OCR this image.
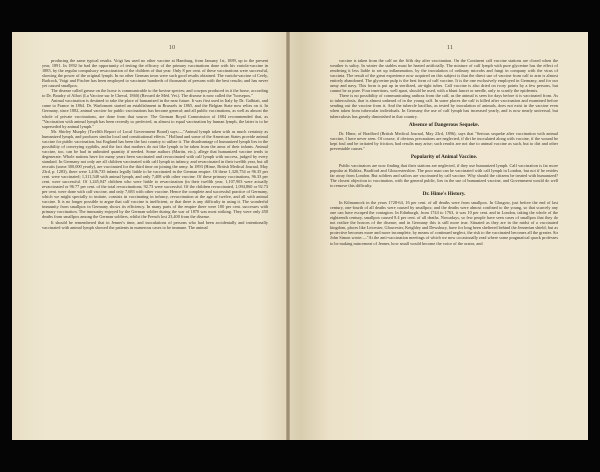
10

producing the same typical results. Voigt has used no other vaccine at Hamburg, from January 1st, 1889, up to the present year, 1891. In 1892 he had the opportunity of testing the efficacy of the primary vaccinations done with his variola-vaccine in 1885, by the regular compulsory revaccination of the children of that year. Only 8 per cent. of these vaccinations were successful, showing the power of the original lymph. In no other German town were such good results obtained. The variola-vaccine of Ceely, Badcock, Voigt and Fischer has been employed to vaccinate hundreds of thousands of persons with the best results; and has never yet caused smallpox.

The disease called grease on the horse is communicable to the bovine species; and cowpox produced in it the horse, according to Dr. Boudry of Alfort (La Vaccine sur le Cheval, 1860) (Recueil de Méd. Vet.). The disease is now called the "horsepox."

Animal vaccination is destined to take the place of humanized in the near future. It was first used in Italy by Dr. Galbiati, and came to France in 1864. Dr. Warlomont started an establishment in Brussels in 1865, and the Belgian State now relies on it. In Germany, since 1882, animal vaccine for public vaccinations has become general; and all public vaccinations, as well as almost the whole of private vaccinations, are done from that source. The German Royal Commission of 1884 recommended that, as "Vaccination with animal lymph has been recently so perfected, as almost to equal vaccination by human lymph, the latter is to be superseded by animal lymph."

Mr. Shirley Murphy (Twelfth Report of Local Government Board) says:—"Animal lymph taken with as much certainty as humanized lymph, and produces similar local and constitutional effects." Holland and some of the American States provide animal vaccine for public vaccination, but England has been the last country to utilize it. The disadvantage of humanized lymph lies in the possibility of conveying syphilis, and the fact that mothers do not like lymph to be taken from the arms of their infants. Animal vaccine, too, can be had in unlimited quantity if needed. Some authors (Martin, etc.), allege that humanized vaccine tends to degenerate. Whole nations have for many years been vaccinated and revaccinated with calf lymph with success, judged by every standard. In Germany not only are all children vaccinated with calf lymph in infancy, and revaccinated in their twelfth year, but all recruits (some 300,000 yearly), are vaccinated for the third time on joining the army. In 1893 (Hime, British Medical Journal, May 23rd, p. 1283), there were 1,436,735 infants legally liable to be vaccinated in the German empire. Of these 1,320,754 or 96.35 per cent. were vaccinated; 1,311,548 with animal lymph, and only 7,408 with other vaccine. Of these primary vaccinations, 96.33 per cent. were successful. Of 1,245,047 children who were liable to revaccination (in their twelfth year, 1,107,903 were actually revaccinated or 96.77 per cent. of the total revaccinations; 92.73 were successful. Of the children revaccinated, 1,094,860 or 92.73 per cent. were done with calf vaccine, and only 7,683 with other vaccine. Hence the complete and successful practice of Germany, which we might specially to imitate, consists in vaccinating in infancy, revaccination at the age of twelve, and all with animal vaccine. It is no longer possible to argue that calf vaccine is inefficient, or that there is any difficulty in using it. The wonderful immunity from smallpox in Germany shows its efficiency. In many parts of the empire there were 100 per cent. successes with primary vaccination. The immunity enjoyed by the German soldier during the war of 1870 was most striking. They were only 450 deaths from smallpox among the German soldiers, whilst the French lost 23,400 from the disease.

It should be remembered that in Jenner's time, and inoculations of persons who had been accidentally and intentionally vaccinated with animal lymph showed the patients in numerous cases to be immune. The animal

11

vaccine is taken from the calf on the fifth day after vaccination. On the Continent calf vaccine stations are closed when the weather is sultry. In winter the stables must be heated artificially. The mixture of calf lymph with pure glycerine has the effect of rendering it less liable to set up inflammation, by the inoculation of ordinary microbs and fungi in company with the virus of vaccinia. The result of the great experience now acquired on this subject is that the direct use of vaccine from calf to arm is almost entirely abandoned. The glycerine pulp is the best form of calf vaccine. It is the one exclusively employed in Germany, and for our army and navy. This form is put up in sterilized, air-tight tubes. Calf vaccine is also dried on ivory points by a few persons, but cannot be as pure. Four insertions, well apart, should be used, with a blunt lancet or needle, only to scarify the epidermis.

There is no possibility of communicating anthrax from the calf, as the animal is seen for days before it is vaccinated from. As to tuberculosis, that is almost unheard of in the young calf. In some places the calf is killed after vaccination and examined before sending out the vaccine from it. And the tubercle bacillus, as tested by inoculation of animals, does not exist in the vaccine even when taken from tubercular individuals. In Germany the use of calf lymph has increased yearly, and is now nearly universal, but tuberculosis has greatly diminished in that country.

Absence of Dangerous Sequelæ.

Dr. Hime, of Bradford (British Medical Journal, May 23rd, 1896), says that "Serious sequelæ after vaccination with animal vaccine, I have never seen. Of course, if obvious precautions are neglected, if dirt be inoculated along with vaccine, if the wound be kept foul and be irritated by friction, bad results may arise; such results are not due to animal vaccine as such, but to dirt and other preventable causes."

Popularity of Animal Vaccine.

Public vaccinators are now finding that their stations are neglected, if they use humanized lymph. Calf vaccination is far more popular at Halifax, Bradford and Gloucestershire. The poor man can be vaccinated with calf lymph in London, but not if he resides far away from London. But soldiers and sailors are vaccinated by calf vaccine. Why should the citizens be treated with humanized? The closest objection to vaccination, with the general public, lies in the use of humanized vaccine, and Government would do well to remove this difficulty.

Dr. Hime's History.

In Kilmarnock in the years 1728-64, 16 per cent. of all deaths were from smallpox. In Glasgow, just before the end of last century, one-fourth of all deaths were caused by smallpox; and the deaths were almost confined to the young, so that scarcely any one can have escaped the contagion. In Edinburgh, from 1744 to 1763, it was 10 per cent. and in London, taking the whole of the eighteenth century, smallpox caused 8.4 per cent. of all deaths. Nowadays, so few people have seen cases of smallpox that they do not realize the horrors of the disease; and in Germany this is still more true. Situated as they are in the midst of a vaccinated kingdom, places like Leicester, Gloucester, Keighley and Dewsbury, have for long been sheltered behind the Jennerian shield; but as protective becomes more and more incomplete, by means of continued neglect, the risk to the vaccinated becomes all the greater. Sir John Simon wrote:—"At the anti-vaccination meetings of which we now occasionally read where some pragmatical quack professes to be making mincemeat of Jenner, how small would become the voice of the orator, and
